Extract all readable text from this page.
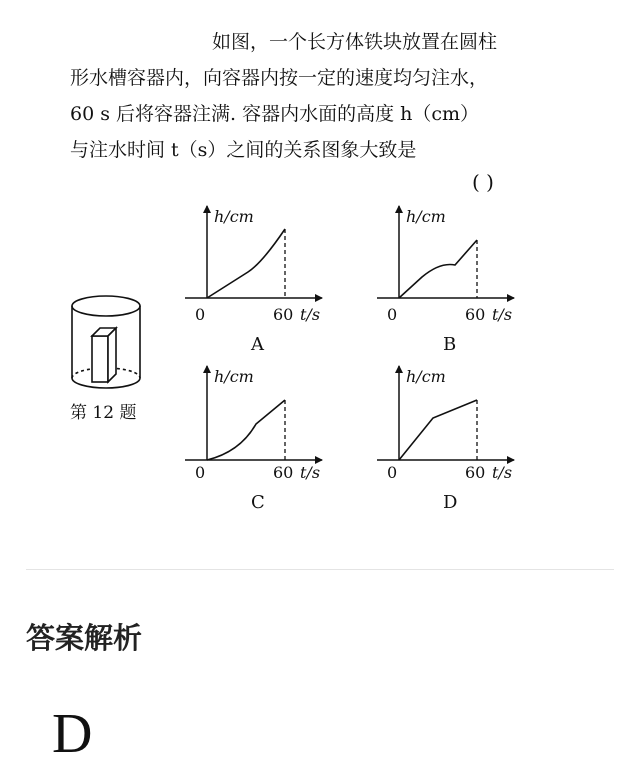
如图，一个长方体铁块放置在圆柱
形水槽容器内，向容器内按一定的速度均匀注水，
60 s 后将容器注满. 容器内水面的高度 h（cm）
与注水时间 t（s）之间的关系图象大致是
( )
第 12 题
h/cm
0	60 t/s
A
h/cm
0	60 t/s
B
h/cm
0	60 t/s
C
h/cm
0	60 t/s
D
答案解析
D
